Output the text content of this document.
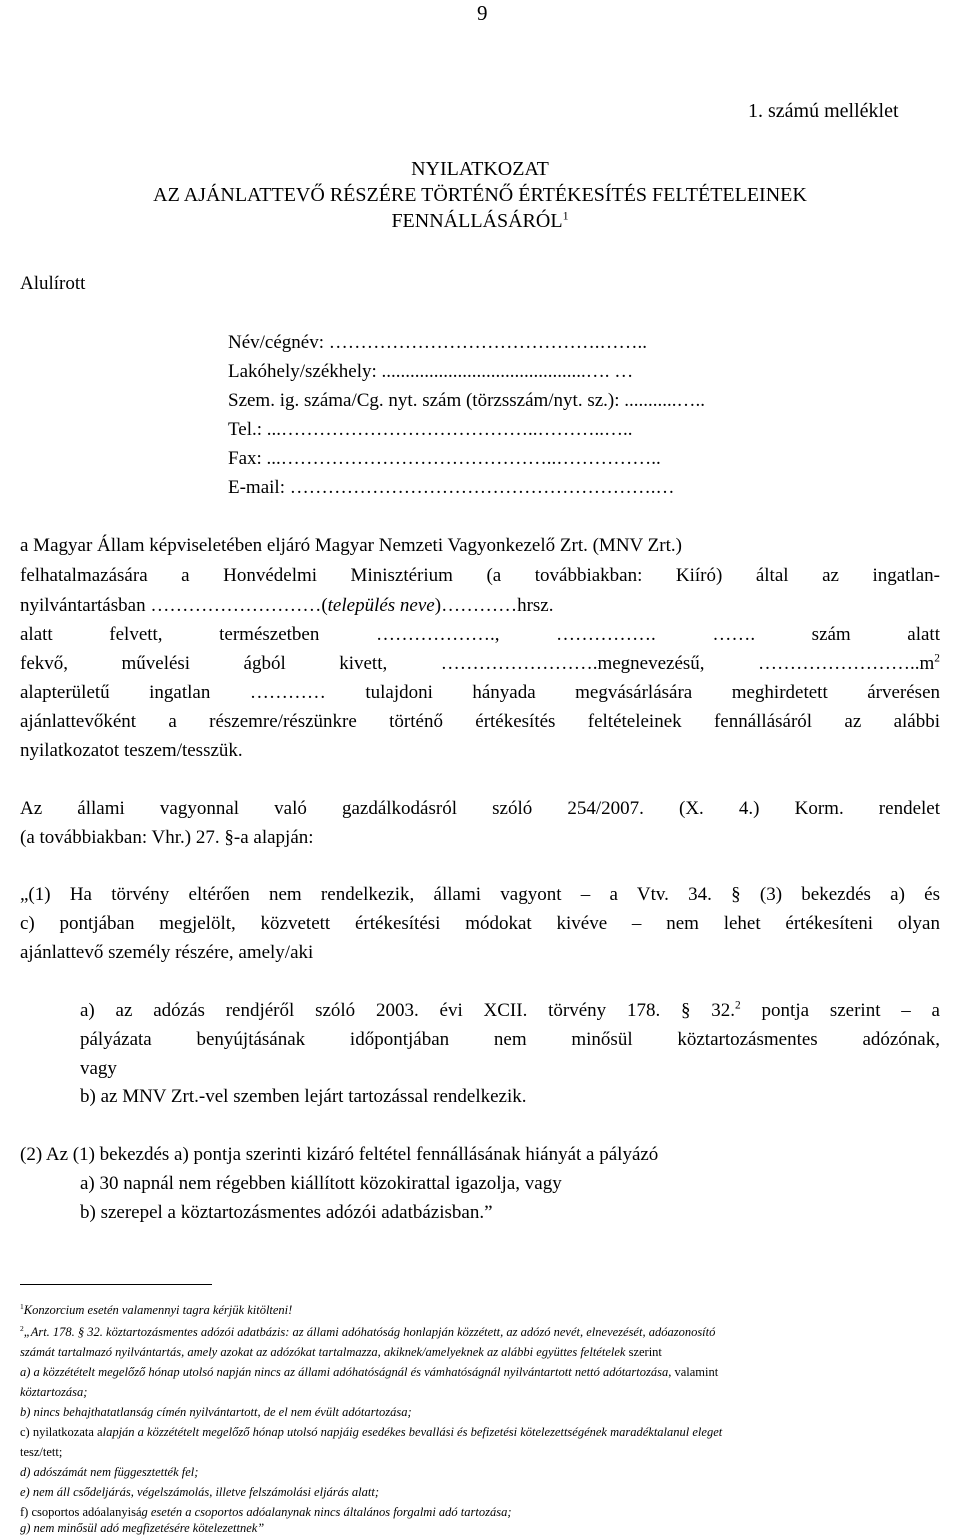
9
1. számú melléklet
NYILATKOZAT
AZ AJÁNLATTEVŐ RÉSZÉRE TÖRTÉNŐ ÉRTÉKESÍTÉS FELTÉTELEINEK
FENNÁLLÁSÁRÓL$^1$
Alulírott
Név/cégnév: …………………………………….……..
Lakóhely/székhely: ...........................................…. …
Szem. ig. száma/Cg. nyt. szám (törzsszám/nyt. sz.): ...........…..
Tel.: ...…………………………………..………..…..
Fax: ...……………………………………..……………..
E-mail: ………………………………………………….…
a Magyar Állam képviseletében eljáró Magyar Nemzeti Vagyonkezelő Zrt. (MNV Zrt.)
felhatalmazására a Honvédelmi Minisztérium (a továbbiakban: Kiíró) által az ingatlan-
nyilvántartásban ………………………(település neve)…………hrsz.
alatt felvett, természetben ………………., ……………. ……. szám alatt
fekvő, művelési ágból kivett, …………………….megnevezésű, $\dots\dots\dots\dots\dots\dots\dots\dots..m^2$
alapterületű ingatlan ………… tulajdoni hányada megvásárlására meghirdetett árverésen
ajánlattevőként a részemre/részünkre történő értékesítés feltételeinek fennállásáról az alábbi
nyilatkozatot teszem/tesszük.
Az állami vagyonnal való gazdálkodásról szóló 254/2007. (X. 4.) Korm. rendelet
(a továbbiakban: Vhr.) 27. §-a alapján:
„(1) Ha törvény eltérően nem rendelkezik, állami vagyont – a Vtv. 34. § (3) bekezdés a) és
c) pontjában megjelölt, közvetett értékesítési módokat kivéve – nem lehet értékesíteni olyan
ajánlattevő személy részére, amely/aki
a) az adózás rendjéről szóló 2003. évi XCII. törvény 178. § 32.$^2$ pontja szerint – a
pályázata benyújtásának időpontjában nem minősül köztartozásmentes adózónak,
vagy
b) az MNV Zrt.-vel szemben lejárt tartozással rendelkezik.
(2) Az (1) bekezdés a) pontja szerinti kizáró feltétel fennállásának hiányát a pályázó
a) 30 napnál nem régebben kiállított közokirattal igazolja, vagy
b) szerepel a köztartozásmentes adózói adatbázisban.”
$^1$Konzorcium esetén valamennyi tagra kérjük kitölteni!
$^2$„Art. 178. § 32. köztartozásmentes adózói adatbázis: az állami adóhatóság honlapján közzétett, az adózó nevét, elnevezését, adóazonosító
számát tartalmazó nyilvántartás, amely azokat az adózókat tartalmazza, akiknek/amelyeknek az alábbi együttes feltételek szerint
a) a közzétételt megelőző hónap utolsó napján nincs az állami adóhatóságnál és vámhatóságnál nyilvántartott nettó adótartozása, valamint
köztartozása;
b) nincs behajthatatlanság címén nyilvántartott, de el nem évült adótartozása;
c) nyilatkozata alapján a közzétételt megelőző hónap utolsó napjáig esedékes bevallási és befizetési kötelezettségének maradéktalanul eleget
tesz/tett;
d) adószámát nem függesztették fel;
e) nem áll csődeljárás, végelszámolás, illetve felszámolási eljárás alatt;
f) csoportos adóalanyiság esetén a csoportos adóalanynak nincs általános forgalmi adó tartozása;
g) nem minősül adó megfizetésére kötelezettnek”
